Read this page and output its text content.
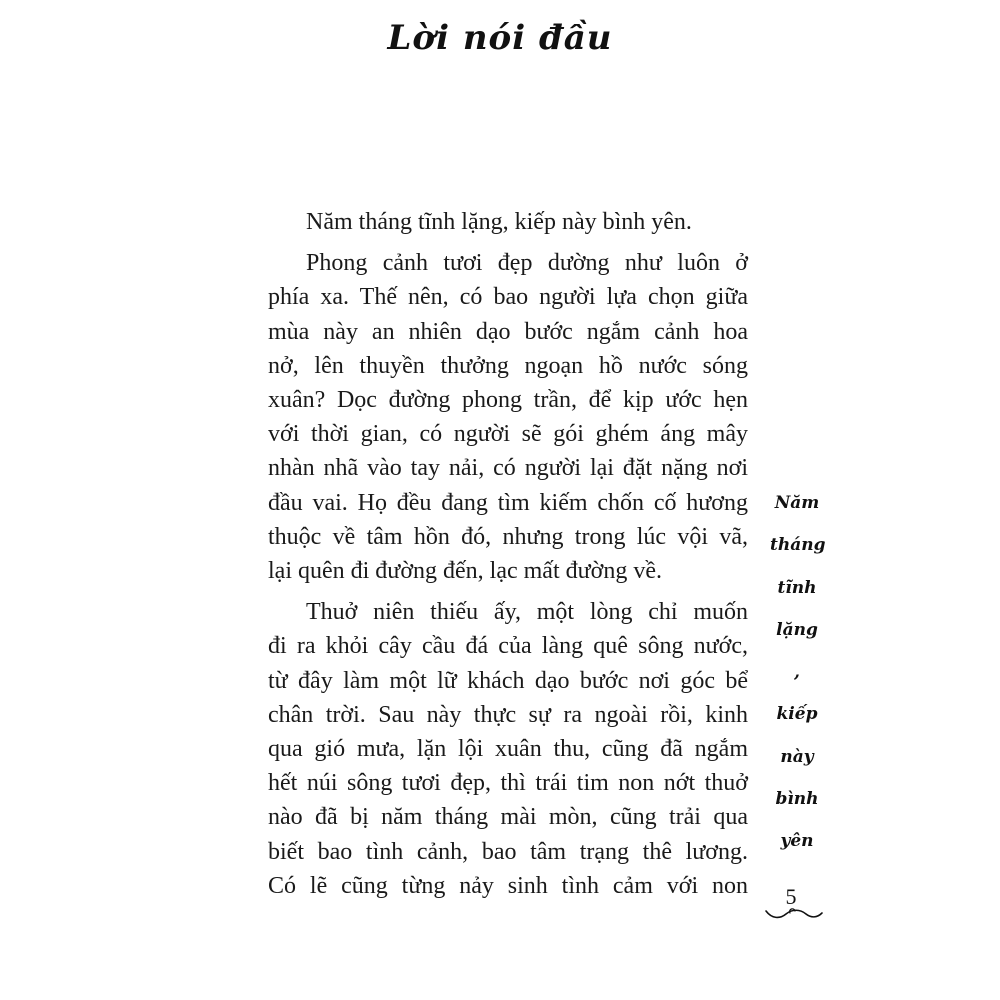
Lời nói đầu
Năm tháng tĩnh lặng, kiếp này bình yên.
Phong cảnh tươi đẹp dường như luôn ở
phía xa. Thế nên, có bao người lựa chọn giữa
mùa này an nhiên dạo bước ngắm cảnh hoa
nở, lên thuyền thưởng ngoạn hồ nước sóng
xuân? Dọc đường phong trần, để kịp ước hẹn
với thời gian, có người sẽ gói ghém áng mây
nhàn nhã vào tay nải, có người lại đặt nặng nơi
đầu vai. Họ đều đang tìm kiếm chốn cố hương
thuộc về tâm hồn đó, nhưng trong lúc vội vã,
lại quên đi đường đến, lạc mất đường về.
Thuở niên thiếu ấy, một lòng chỉ muốn
đi ra khỏi cây cầu đá của làng quê sông nước,
từ đây làm một lữ khách dạo bước nơi góc bể
chân trời. Sau này thực sự ra ngoài rồi, kinh
qua gió mưa, lặn lội xuân thu, cũng đã ngắm
hết núi sông tươi đẹp, thì trái tim non nớt thuở
nào đã bị năm tháng mài mòn, cũng trải qua
biết bao tình cảnh, bao tâm trạng thê lương.
Có lẽ cũng từng nảy sinh tình cảm với non
Năm
tháng
tĩnh
lặng
,
kiếp
này
bình
yên
5
